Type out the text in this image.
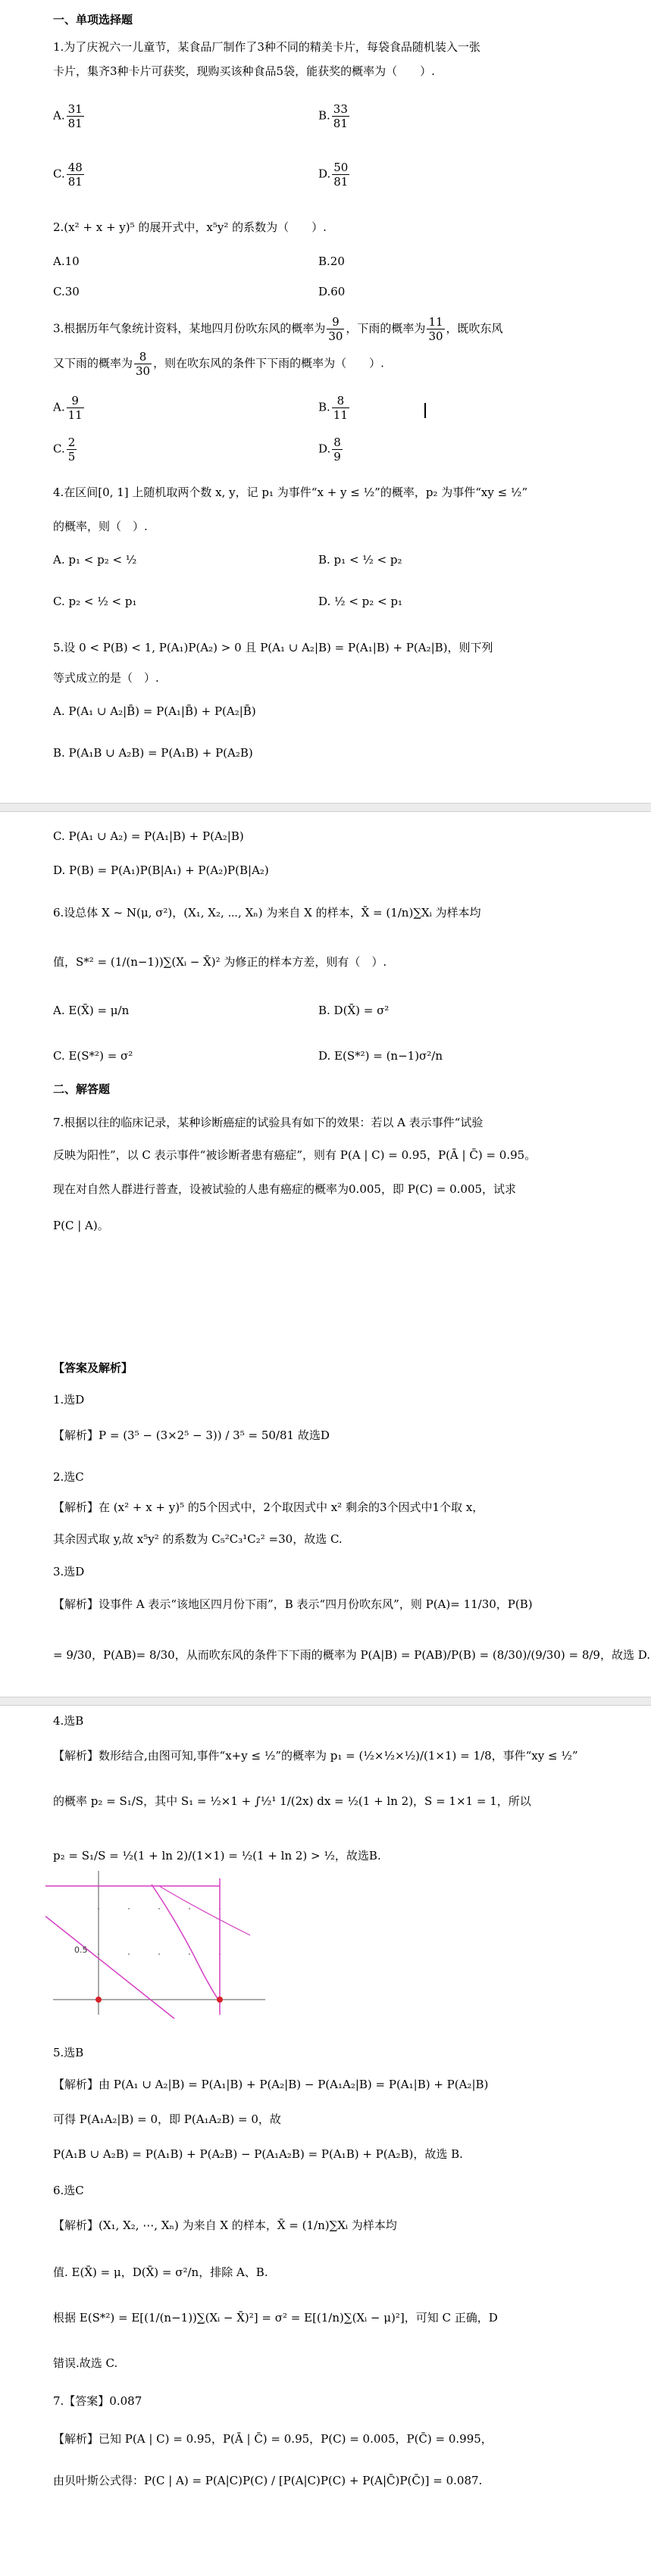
一、单项选择题
1.为了庆祝六一儿童节，某食品厂制作了3种不同的精美卡片，每袋食品随机装入一张
卡片，集齐3种卡片可获奖，现购买该种食品5袋，能获奖的概率为（　　）.
A. $\frac{31}{81}$	B. $\frac{33}{81}$
C. $\frac{48}{81}$	D. $\frac{50}{81}$
2.(x² + x + y)⁵ 的展开式中，x⁵y² 的系数为（　　）.
A.10	B.20
C.30	D.60
3.根据历年气象统计资料，某地四月份吹东风的概率为 $\frac{9}{30}$ ，下雨的概率为 $\frac{11}{30}$ ，既吹东风
又下雨的概率为 $\frac{8}{30}$ ，则在吹东风的条件下下雨的概率为（　　）.
A. $\frac{9}{11}$	B. $\frac{8}{11}$
C. $\frac{2}{5}$	D. $\frac{8}{9}$
4.在区间[0, 1] 上随机取两个数 x, y，记 p₁ 为事件“x + y ≤ ½”的概率，p₂ 为事件“xy ≤ ½”
的概率，则（　）.
A. p₁ < p₂ < ½	B. p₁ < ½ < p₂
C. p₂ < ½ < p₁	D. ½ < p₂ < p₁
5.设 0 < P(B) < 1, P(A₁)P(A₂) > 0 且 P(A₁ ∪ A₂|B) = P(A₁|B) + P(A₂|B)，则下列
等式成立的是（　）.
A. P(A₁ ∪ A₂|B̄) = P(A₁|B̄) + P(A₂|B̄)
B. P(A₁B ∪ A₂B) = P(A₁B) + P(A₂B)
C. P(A₁ ∪ A₂) = P(A₁|B) + P(A₂|B)
D. P(B) = P(A₁)P(B|A₁) + P(A₂)P(B|A₂)
6.设总体 X ~ N(μ, σ²)，(X₁, X₂, ⋯, Xₙ) 为来自 X 的样本，X̄ = (1/n)∑Xᵢ 为样本均
值，S*² = (1/(n−1))∑(Xᵢ − X̄)² 为修正的样本方差，则有（　）.
A. E(X̄) = μ/n	B. D(X̄) = σ²
C. E(S*²) = σ²	D. E(S*²) = (n−1)σ²/n
二、解答题
7.根据以往的临床记录，某种诊断癌症的试验具有如下的效果：若以 A 表示事件“试验
反映为阳性”，以 C 表示事件“被诊断者患有癌症”，则有 P(A | C) = 0.95，P(Ā | C̄) = 0.95。
现在对自然人群进行普查，设被试验的人患有癌症的概率为0.005，即 P(C) = 0.005，试求
P(C | A)。
【答案及解析】
1.选D
【解析】P = (3⁵ − (3×2⁵ − 3)) / 3⁵ = 50/81 故选D
2.选C
【解析】在 (x² + x + y)⁵ 的5个因式中，2个取因式中 x² 剩余的3个因式中1个取 x，
其余因式取 y,故 x⁵y² 的系数为 C₅²C₃¹C₂² =30，故选 C.
3.选D
【解析】设事件 A 表示“该地区四月份下雨”，B 表示“四月份吹东风”，则 P(A)= 11/30，P(B)
= 9/30，P(AB)= 8/30，从而吹东风的条件下下雨的概率为 P(A|B) = P(AB)/P(B) = (8/30)/(9/30) = 8/9，故选 D.
4.选B
【解析】数形结合,由图可知,事件“x+y ≤ ½”的概率为 p₁ = (½×½×½)/(1×1) = 1/8，事件“xy ≤ ½”
的概率 p₂ = S₁/S，其中 S₁ = ½×1 + ∫½¹ 1/(2x) dx = ½(1 + ln 2)，S = 1×1 = 1，所以
p₂ = S₁/S = ½(1 + ln 2)/(1×1) = ½(1 + ln 2) > ½，故选B.
0.5
5.选B
【解析】由 P(A₁ ∪ A₂|B) = P(A₁|B) + P(A₂|B) − P(A₁A₂|B) = P(A₁|B) + P(A₂|B)
可得 P(A₁A₂|B) = 0，即 P(A₁A₂B) = 0，故
P(A₁B ∪ A₂B) = P(A₁B) + P(A₂B) − P(A₁A₂B) = P(A₁B) + P(A₂B)，故选 B.
6.选C
【解析】(X₁, X₂, ⋯, Xₙ) 为来自 X 的样本，X̄ = (1/n)∑Xᵢ 为样本均
值. E(X̄) = μ，D(X̄) = σ²/n，排除 A、B.
根据 E(S*²) = E[(1/(n−1))∑(Xᵢ − X̄)²] = σ² = E[(1/n)∑(Xᵢ − μ)²]，可知 C 正确，D
错误.故选 C.
7.【答案】0.087
【解析】已知 P(A | C) = 0.95，P(Ā | C̄) = 0.95，P(C) = 0.005，P(C̄) = 0.995，
由贝叶斯公式得：P(C | A) = P(A|C)P(C) / [P(A|C)P(C) + P(A|C̄)P(C̄)] = 0.087.
